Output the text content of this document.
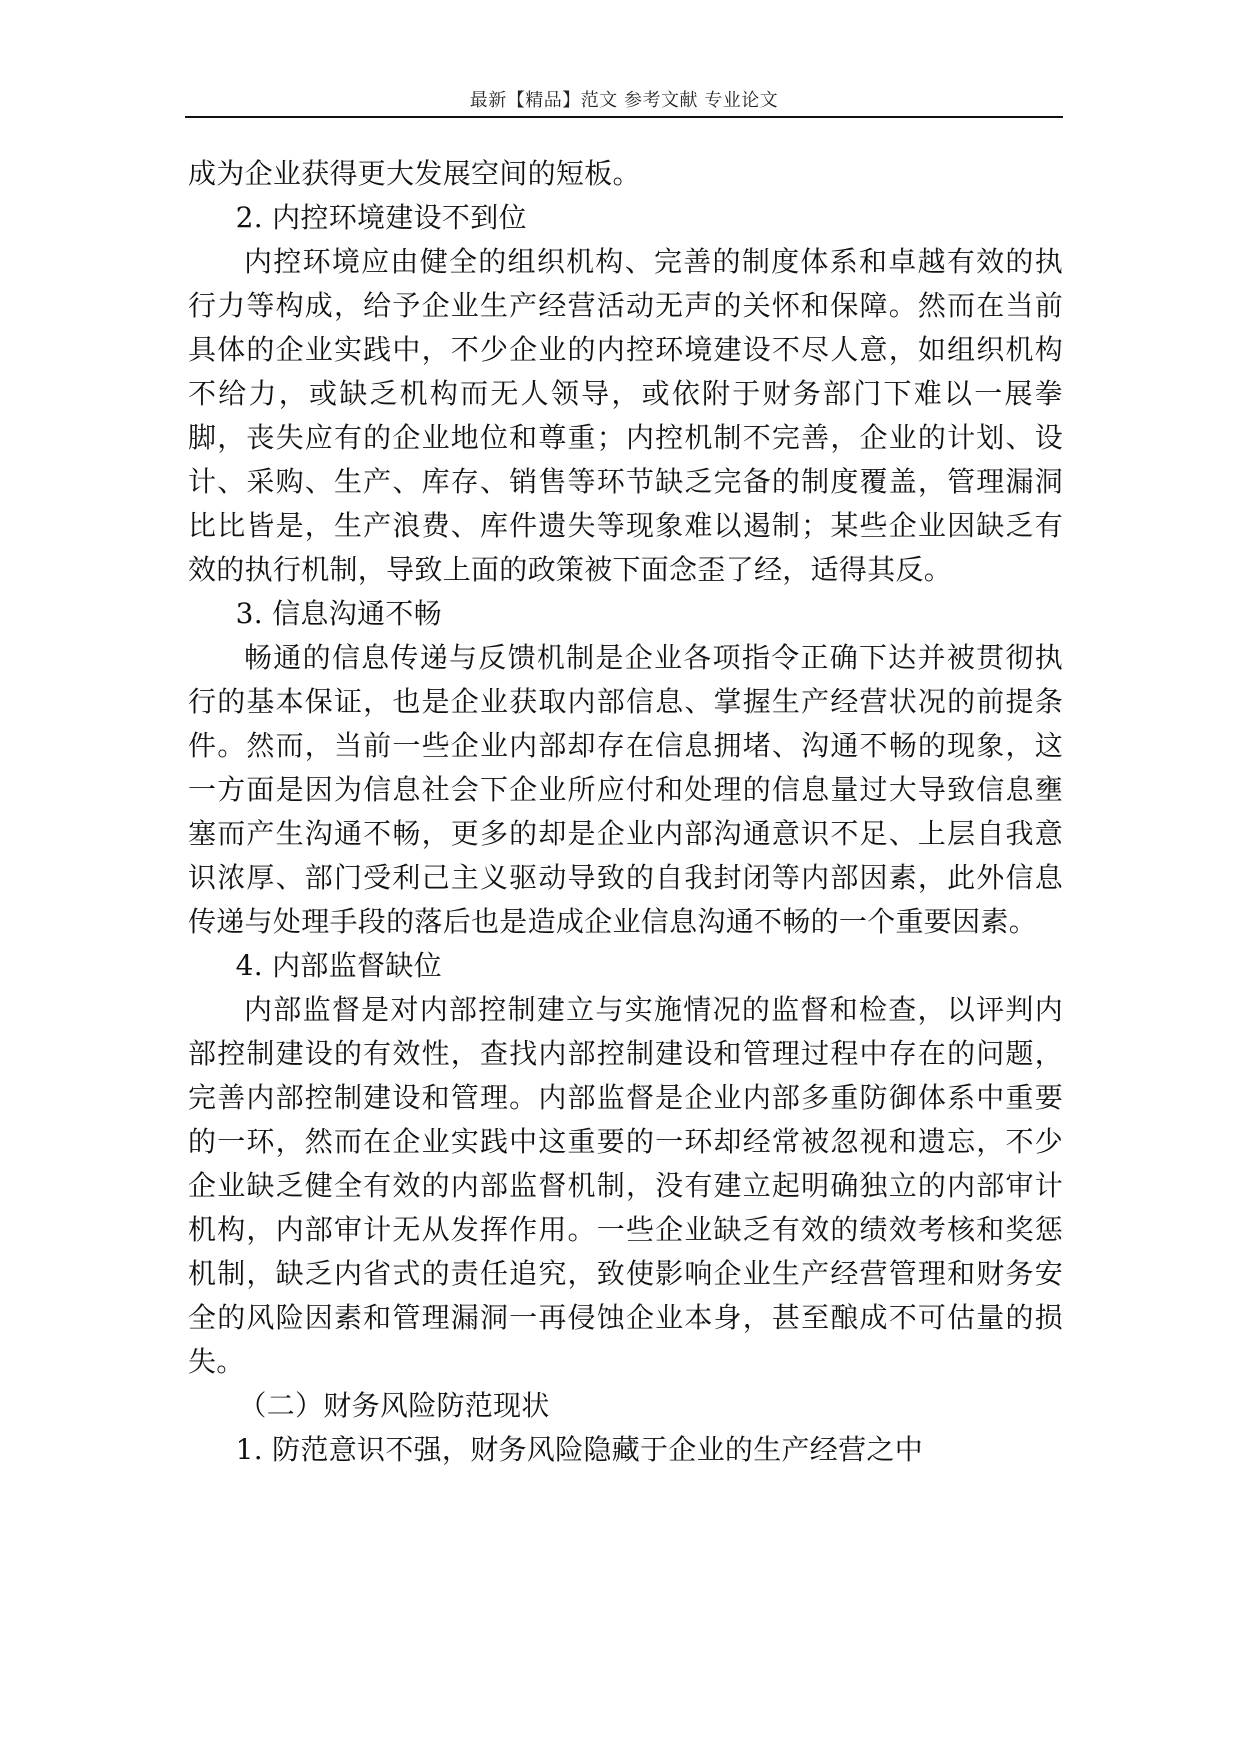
最新【精品】范文 参考文献 专业论文

成为企业获得更大发展空间的短板。

2. 内控环境建设不到位

内控环境应由健全的组织机构、完善的制度体系和卓越有效的执行力等构成，给予企业生产经营活动无声的关怀和保障。然而在当前具体的企业实践中，不少企业的内控环境建设不尽人意，如组织机构不给力，或缺乏机构而无人领导，或依附于财务部门下难以一展拳脚，丧失应有的企业地位和尊重；内控机制不完善，企业的计划、设计、采购、生产、库存、销售等环节缺乏完备的制度覆盖，管理漏洞比比皆是，生产浪费、库件遗失等现象难以遏制；某些企业因缺乏有效的执行机制，导致上面的政策被下面念歪了经，适得其反。

3. 信息沟通不畅

畅通的信息传递与反馈机制是企业各项指令正确下达并被贯彻执行的基本保证，也是企业获取内部信息、掌握生产经营状况的前提条件。然而，当前一些企业内部却存在信息拥堵、沟通不畅的现象，这一方面是因为信息社会下企业所应付和处理的信息量过大导致信息壅塞而产生沟通不畅，更多的却是企业内部沟通意识不足、上层自我意识浓厚、部门受利己主义驱动导致的自我封闭等内部因素，此外信息传递与处理手段的落后也是造成企业信息沟通不畅的一个重要因素。

4. 内部监督缺位

内部监督是对内部控制建立与实施情况的监督和检查，以评判内部控制建设的有效性，查找内部控制建设和管理过程中存在的问题，完善内部控制建设和管理。内部监督是企业内部多重防御体系中重要的一环，然而在企业实践中这重要的一环却经常被忽视和遗忘，不少企业缺乏健全有效的内部监督机制，没有建立起明确独立的内部审计机构，内部审计无从发挥作用。一些企业缺乏有效的绩效考核和奖惩机制，缺乏内省式的责任追究，致使影响企业生产经营管理和财务安全的风险因素和管理漏洞一再侵蚀企业本身，甚至酿成不可估量的损失。

（二）财务风险防范现状

1. 防范意识不强，财务风险隐藏于企业的生产经营之中
